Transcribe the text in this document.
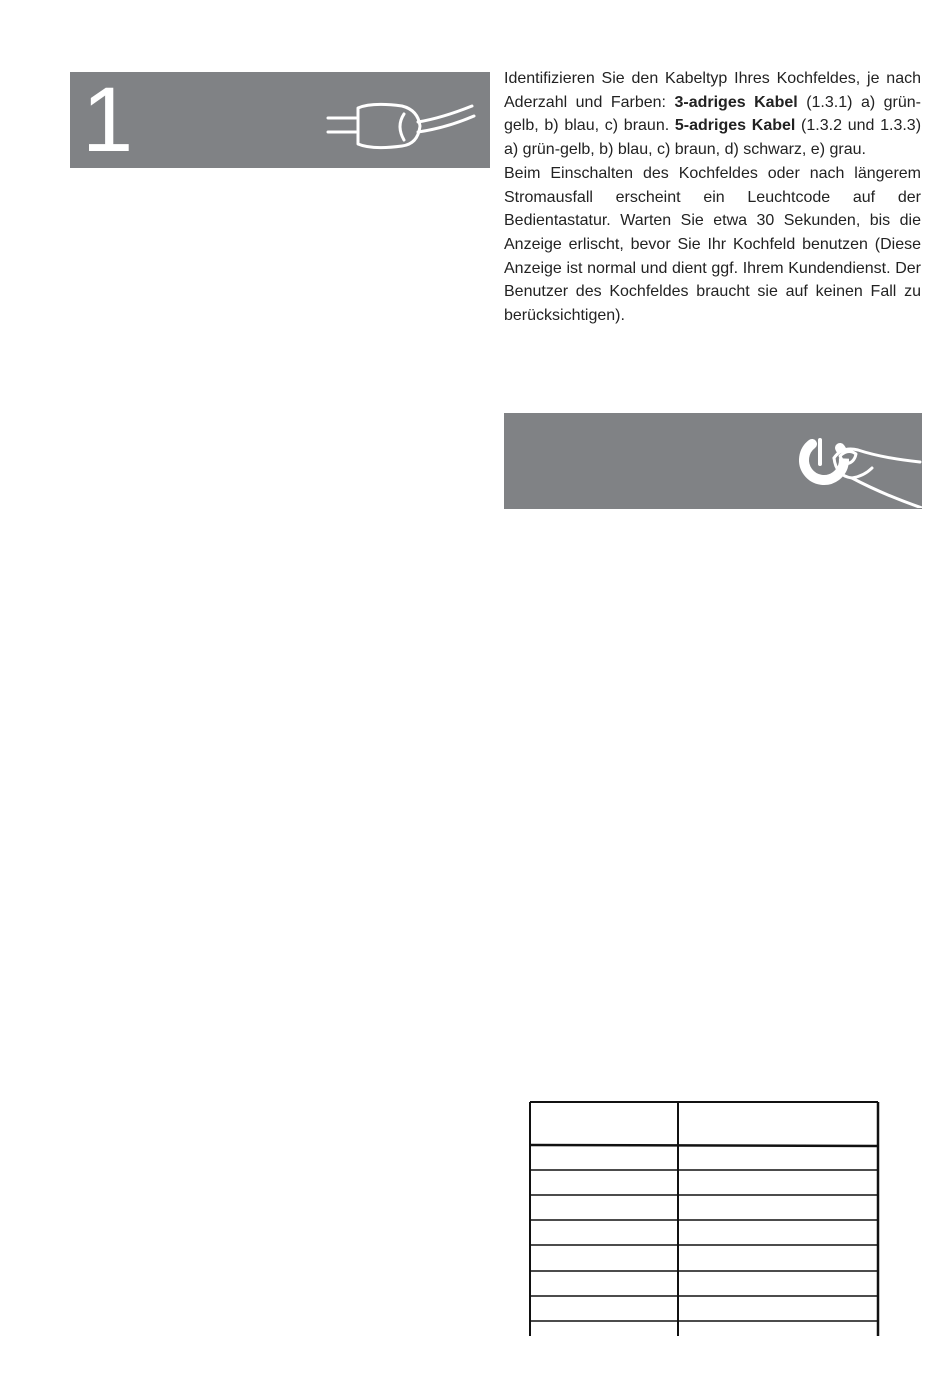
1	Identifizieren Sie den Kabeltyp Ihres Kochfeldes, je nach Aderzahl und Farben: 3-adriges Kabel (1.3.1) a) grün-gelb, b) blau, c) braun. 5-adriges Kabel (1.3.2 und 1.3.3) a) grün-gelb, b) blau, c) braun, d) schwarz, e) grau.

Beim Einschalten des Kochfeldes oder nach längerem Stromausfall erscheint ein Leuchtcode auf der Bedientastatur. Warten Sie etwa 30 Sekunden, bis die Anzeige erlischt, bevor Sie Ihr Kochfeld benutzen (Diese Anzeige ist normal und dient ggf. Ihrem Kundendienst. Der Benutzer des Kochfeldes braucht sie auf keinen Fall zu berücksichtigen).
